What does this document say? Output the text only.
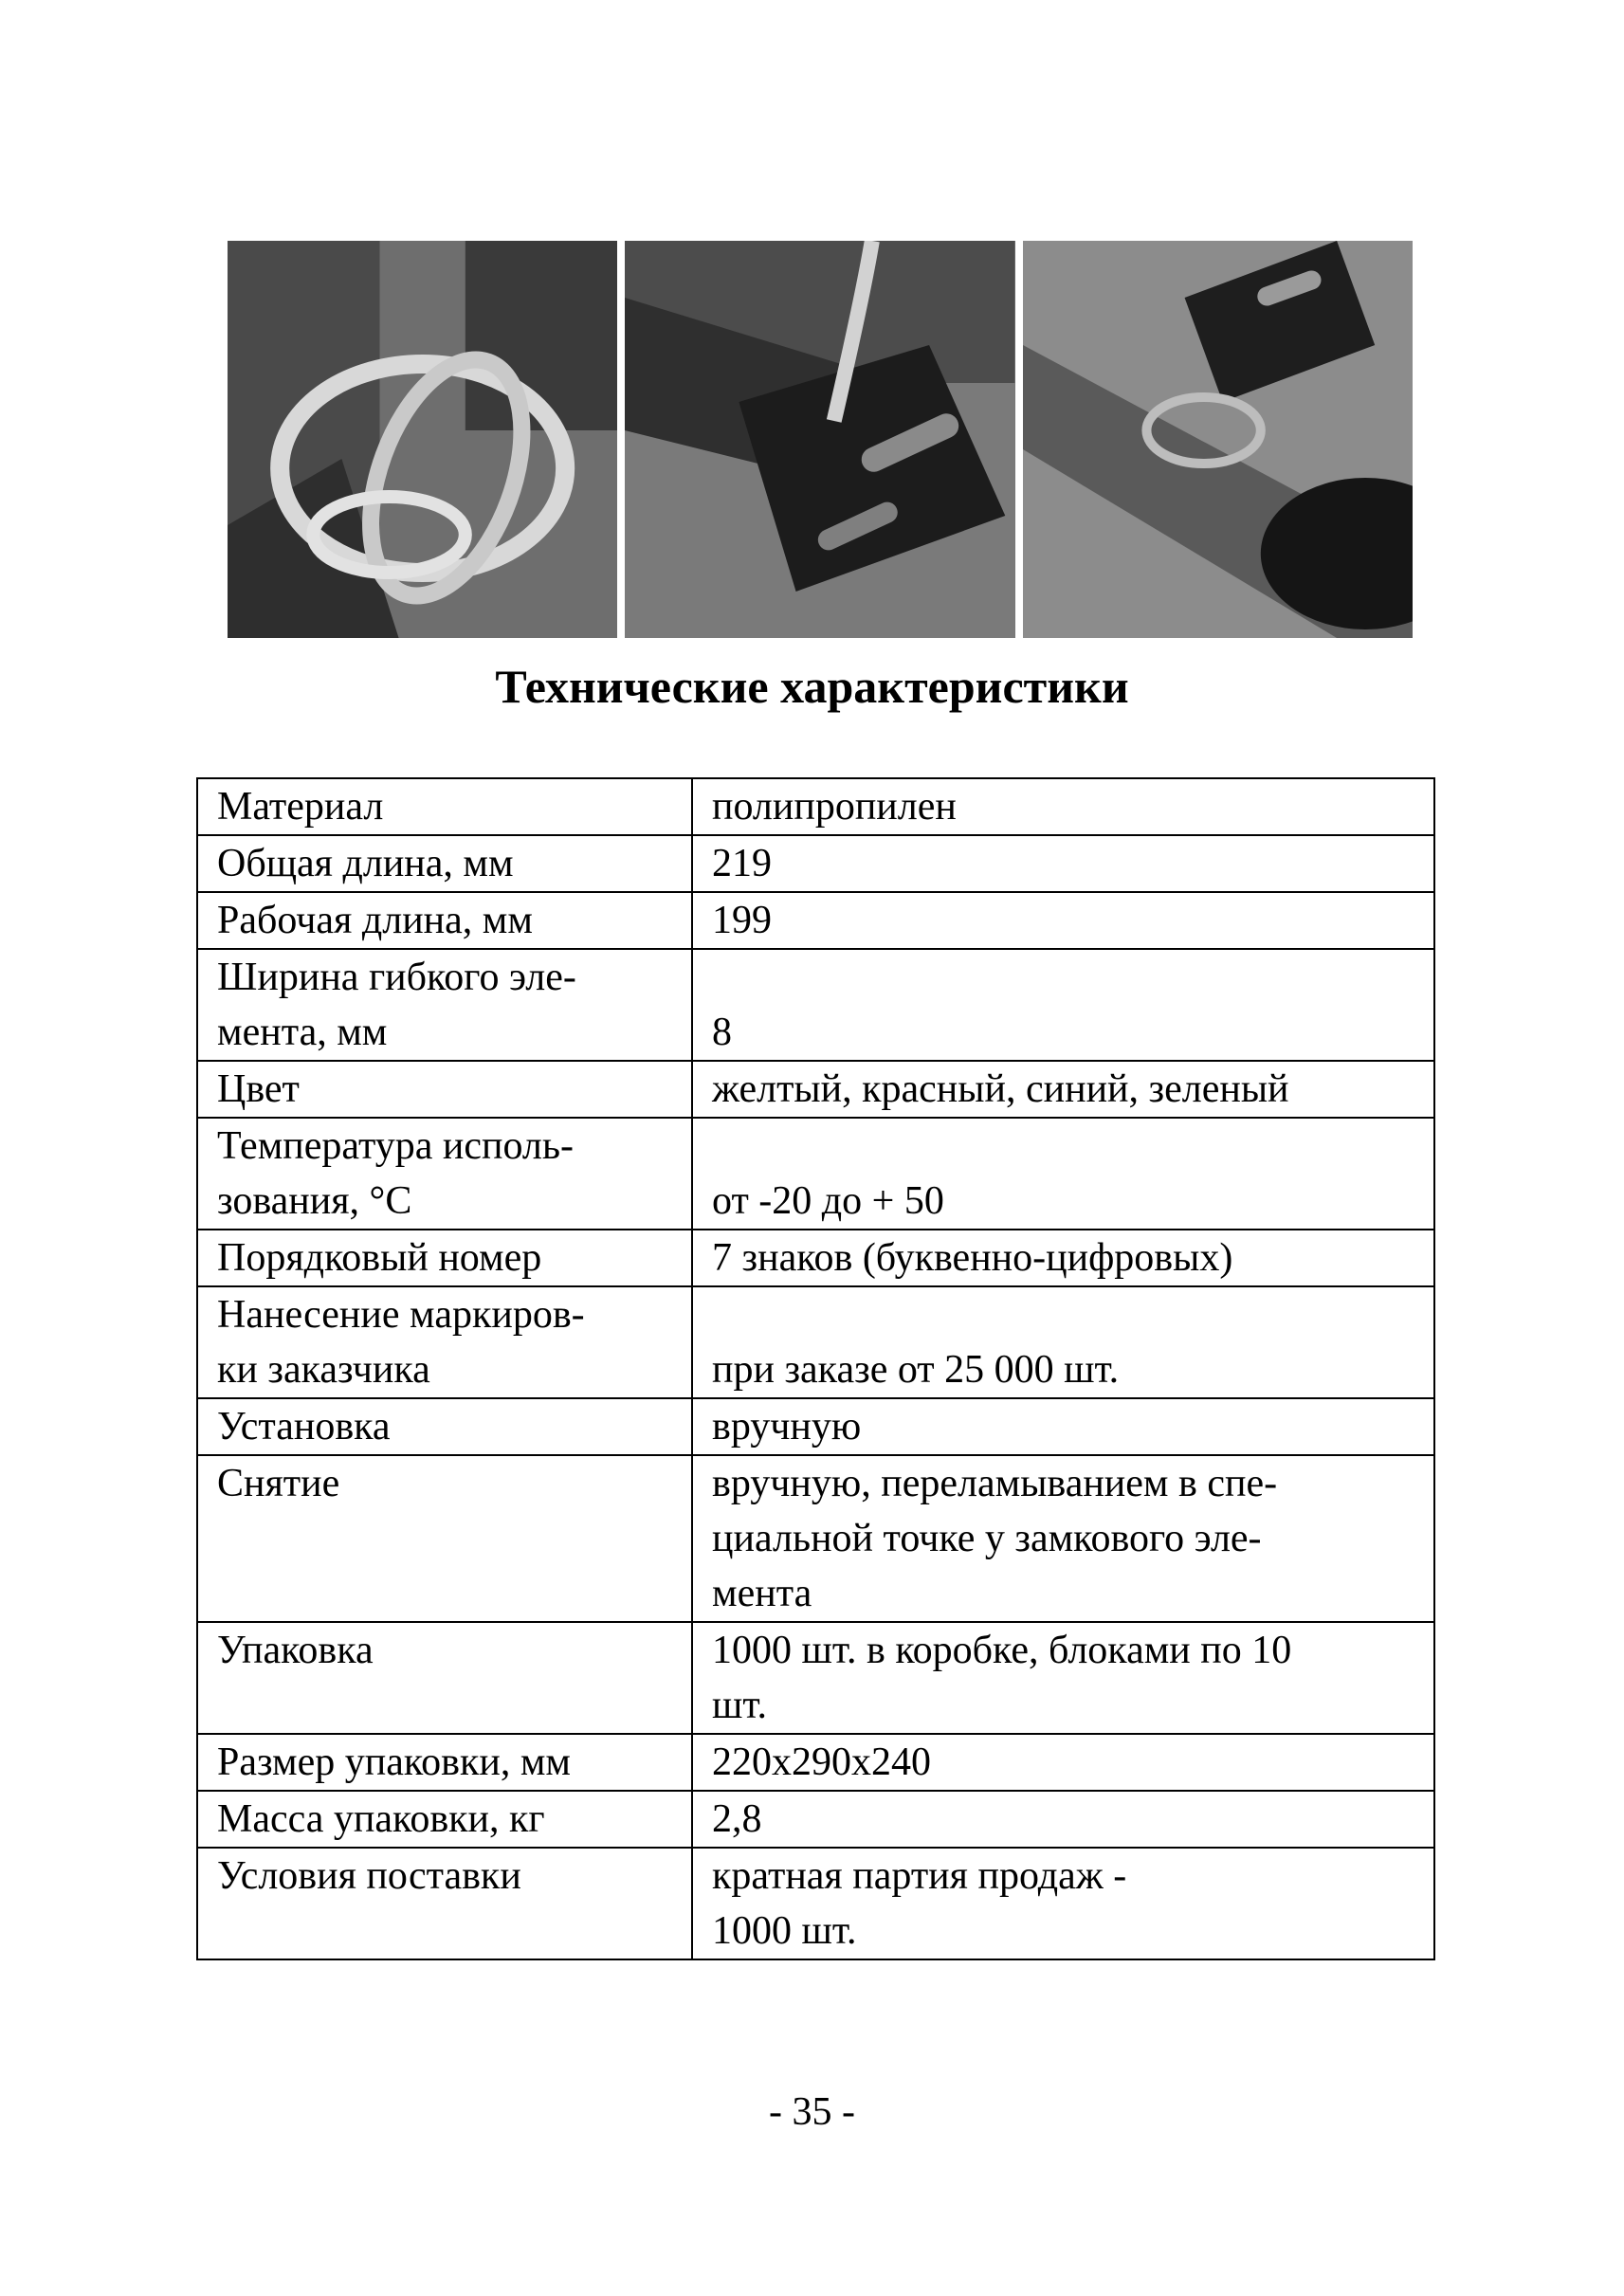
Технические характеристики
Материал	полипропилен
Общая длина, мм	219
Рабочая длина, мм	199
Ширина гибкого эле-
мента, мм	8
Цвет	желтый, красный, синий, зеленый
Температура исполь-
зования, °С	от -20 до + 50
Порядковый номер	7 знаков (буквенно-цифровых)
Нанесение маркиров-
ки заказчика	при заказе от 25 000 шт.
Установка	вручную
Снятие	вручную, переламыванием в спе-
циальной точке у замкового эле-
мента
Упаковка	1000 шт. в коробке, блоками по 10
шт.
Размер упаковки, мм	220х290х240
Масса упаковки, кг	2,8
Условия поставки	кратная партия продаж -
1000 шт.
- 35 -
